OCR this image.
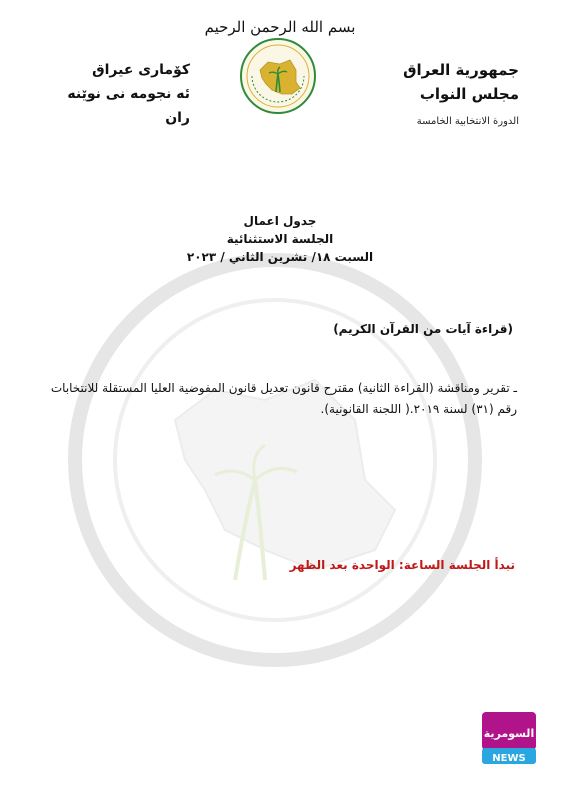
بسم الله الرحمن الرحيم
جمهورية العراق
مجلس النواب
الدورة الانتخابية الخامسة
كۆماری عیراق
ئه نجومه نی نوێنه ران
جدول اعمال
الجلسة الاستثنائية
السبت ١٨/ تشرين الثاني / ٢٠٢٣
(قراءة آيات من القرآن الكريم)
ـ تقرير ومناقشة (القراءة الثانية) مقترح قانون تعديل قانون المفوضية العليا المستقلة للانتخابات رقم (٣١) لسنة ٢٠١٩.( اللجنة القانونية).
تبدأ الجلسة الساعة: الواحدة بعد الظهر
السومرية
NEWS
